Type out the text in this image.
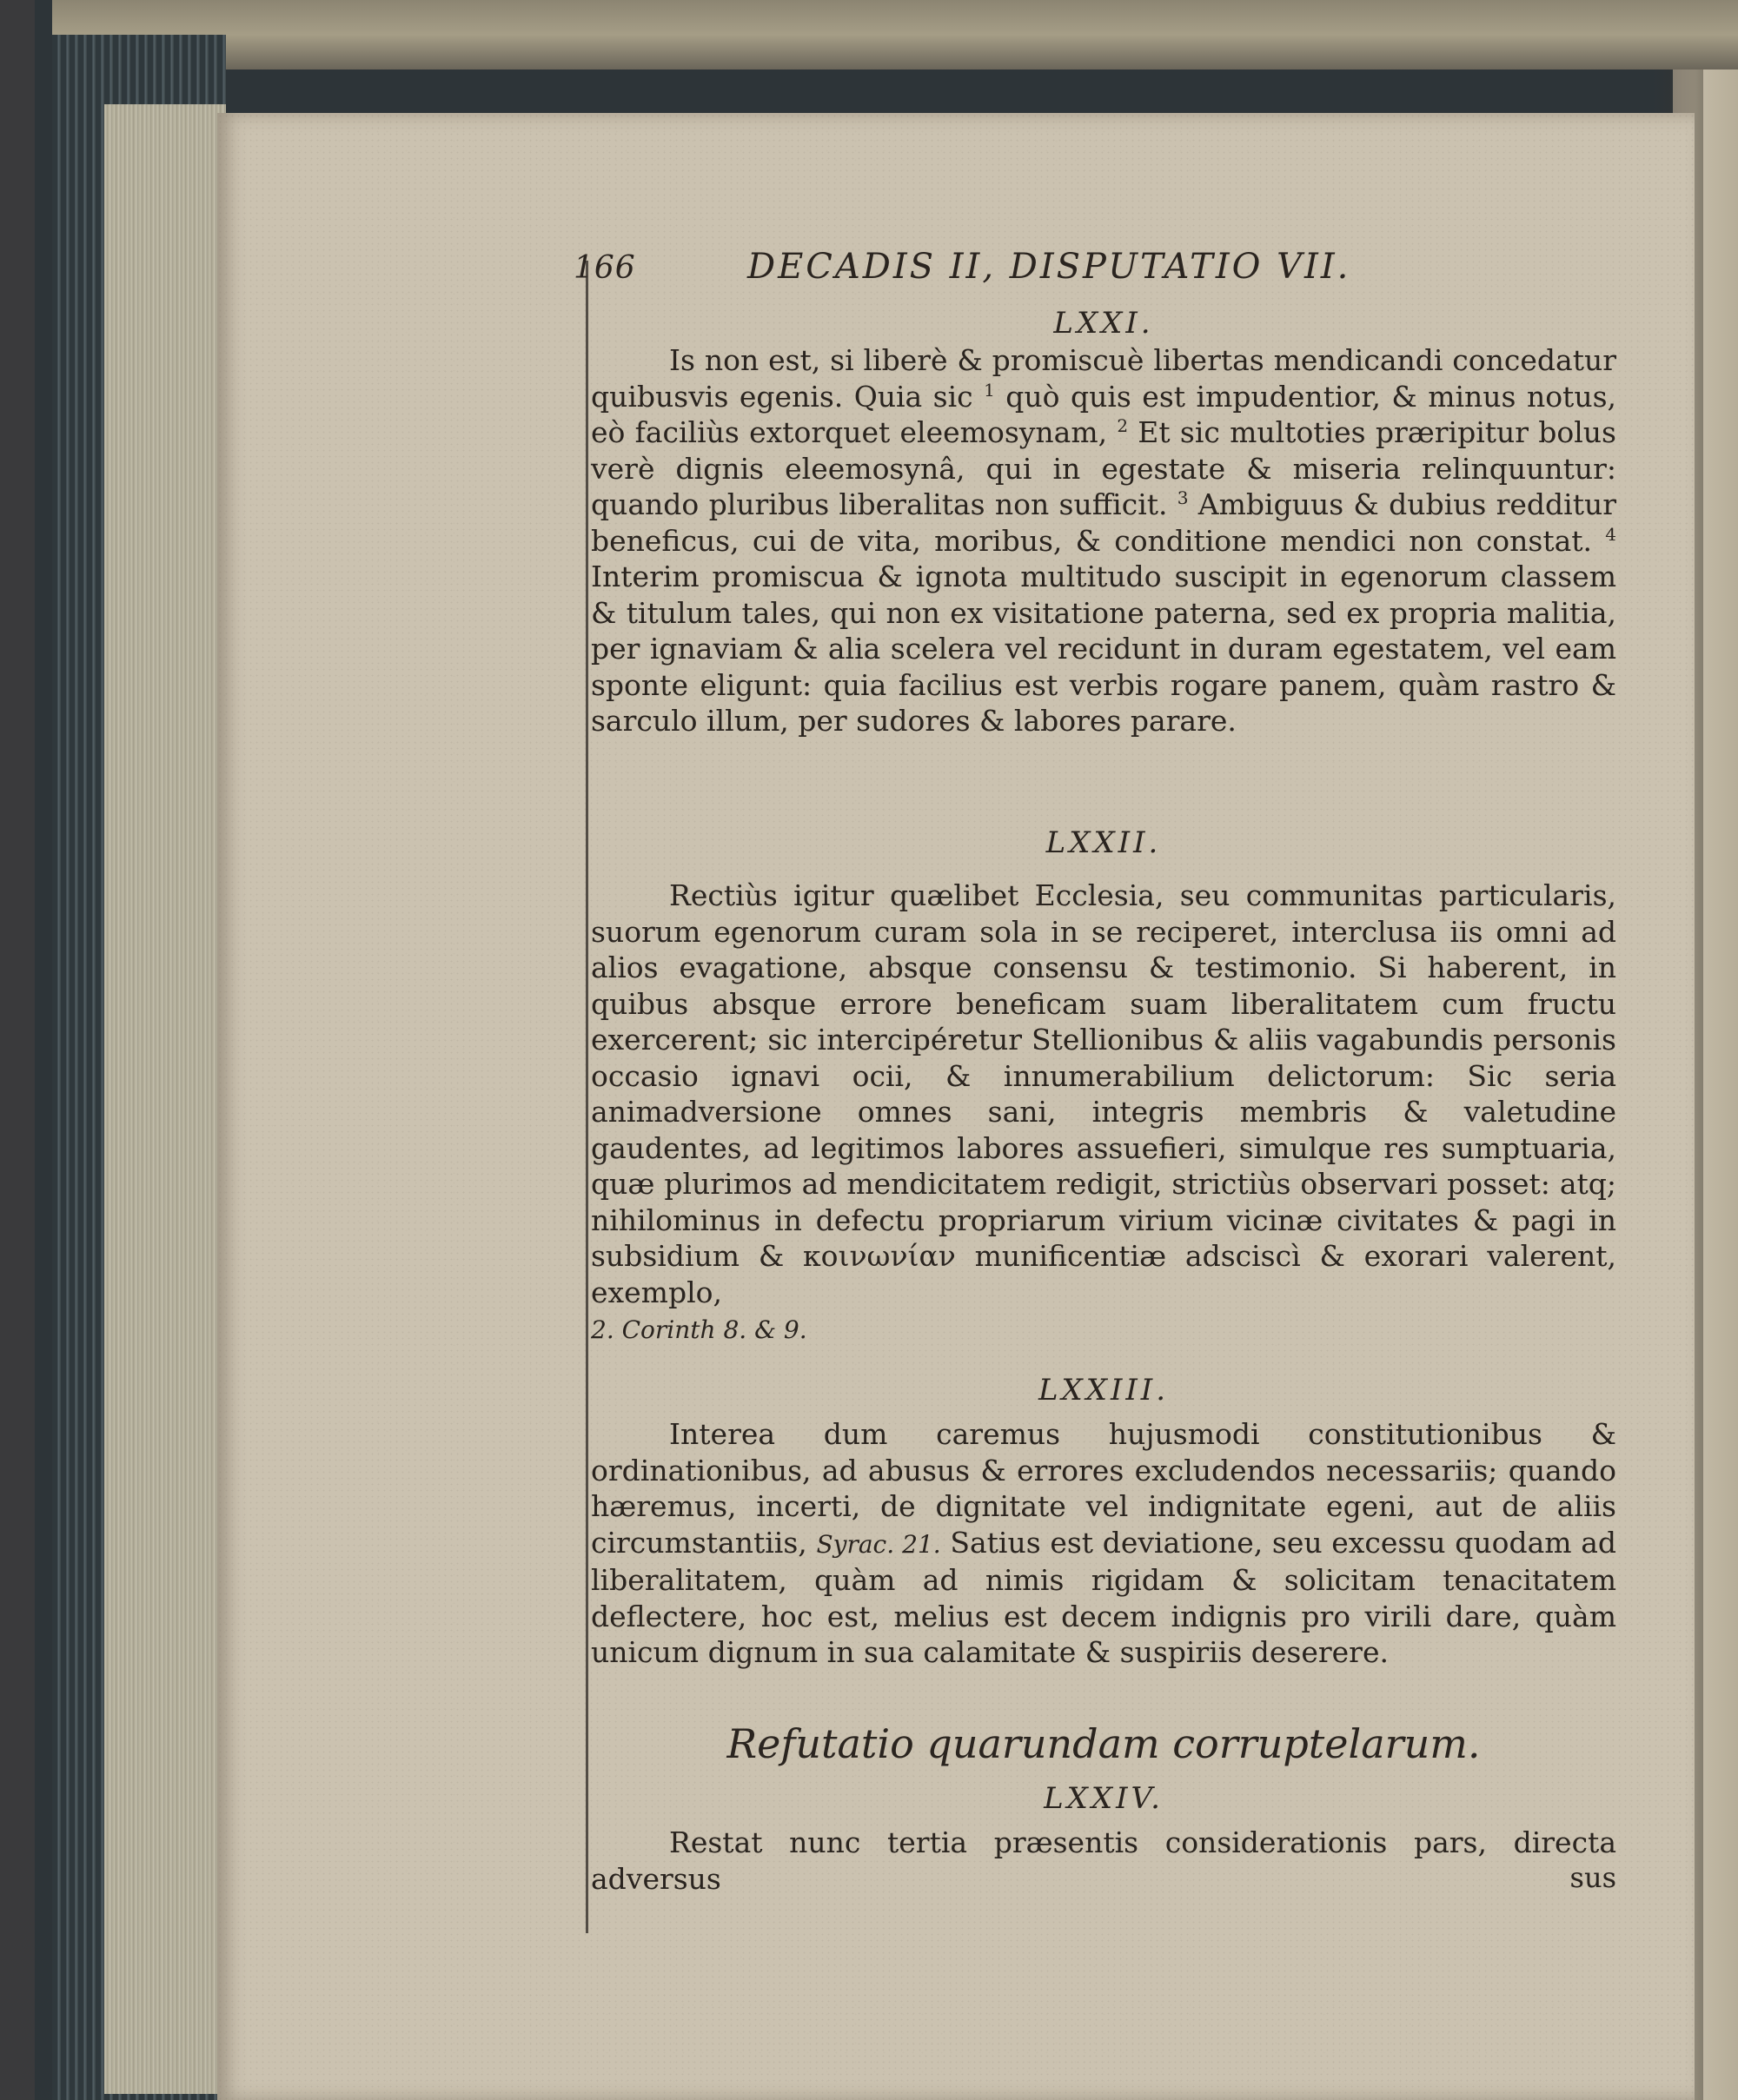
166	DECADIS II, DISPUTATIO VII.
LXXI.

Is non est, si liberè & promiscuè libertas mendicandi concedatur quibusvis egenis. Quia sic $^1$ quò quis est impudentior, & minus notus, eò faciliùs extorquet eleemosynam, $^2$ Et sic multoties præripitur bolus verè dignis eleemosynâ, qui in egestate & miseria relinquuntur: quando pluribus liberalitas non sufficit. $^3$ Ambiguus & dubius redditur beneficus, cui de vita, moribus, & conditione mendici non constat. $^4$ Interim promiscua & ignota multitudo suscipit in egenorum classem & titulum tales, qui non ex visitatione paterna, sed ex propria malitia, per ignaviam & alia scelera vel recidunt in duram egestatem, vel eam sponte eligunt: quia facilius est verbis rogare panem, quàm rastro & sarculo illum, per sudores & labores parare.

LXXII.

Rectiùs igitur quælibet Ecclesia, seu communitas particularis, suorum egenorum curam sola in se reciperet, interclusa iis omni ad alios evagatione, absque consensu & testimonio. Si haberent, in quibus absque errore beneficam suam liberalitatem cum fructu exercerent; sic intercipéretur Stellionibus & aliis vagabundis personis occasio ignavi ocii, & innumerabilium delictorum: Sic seria animadversione omnes sani, integris membris & valetudine gaudentes, ad legitimos labores assuefieri, simulque res sumptuaria, quæ plurimos ad mendicitatem redigit, strictiùs observari posset: atq; nihilominus in defectu propriarum virium vicinæ civitates & pagi in subsidium & κοινωνίαν munificentiæ adsciscì & exorari valerent, exemplo,
2. Corinth 8. & 9.

LXXIII.

Interea dum caremus hujusmodi constitutionibus & ordinationibus, ad abusus & errores excludendos necessariis; quando hæremus, incerti, de dignitate vel indignitate egeni, aut de aliis circumstantiis, Syrac. 21. Satius est deviatione, seu excessu quodam ad liberalitatem, quàm ad nimis rigidam & solicitam tenacitatem deflectere, hoc est, melius est decem indignis pro virili dare, quàm unicum dignum in sua calamitate & suspiriis deserere.

Refutatio quarundam corruptelarum.
LXXIV.

Restat nunc tertia præsentis considerationis pars, directa adversus	sus
